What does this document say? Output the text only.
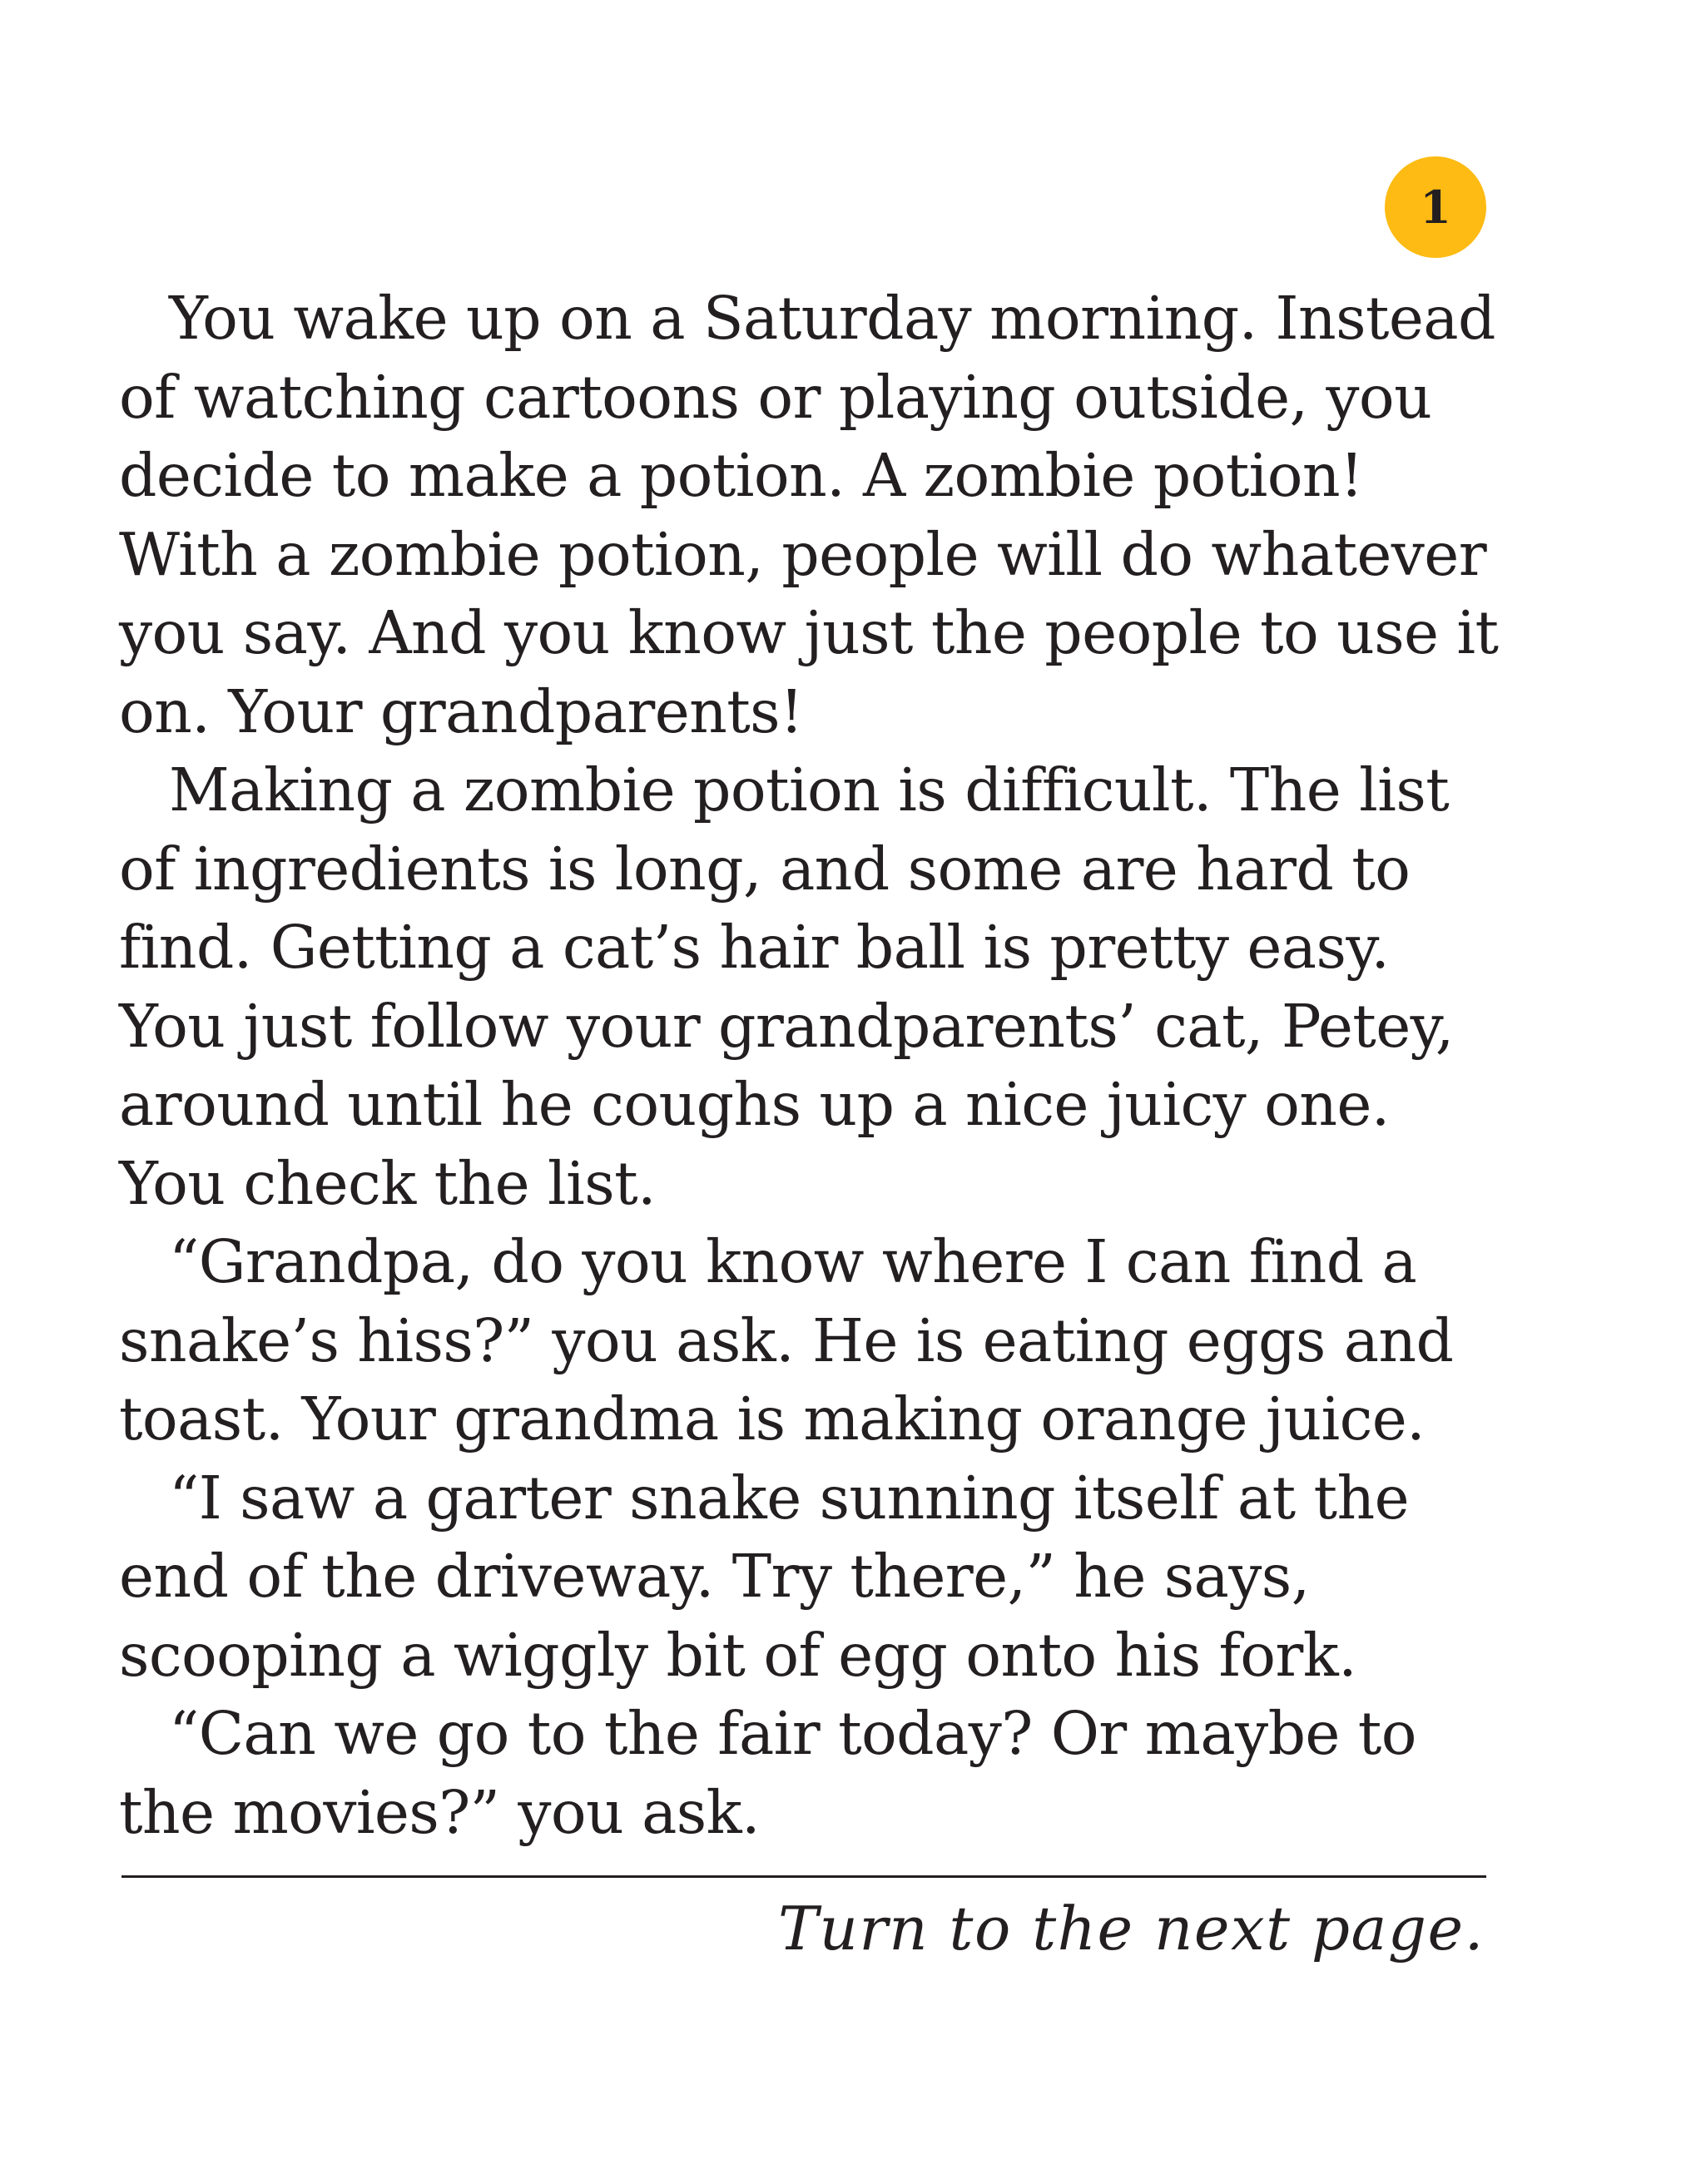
1

You wake up on a Saturday morning. Instead of watching cartoons or playing outside, you decide to make a potion. A zombie potion! With a zombie potion, people will do whatever you say. And you know just the people to use it on. Your grandparents!

Making a zombie potion is difficult. The list of ingredients is long, and some are hard to find. Getting a cat’s hair ball is pretty easy. You just follow your grandparents’ cat, Petey, around until he coughs up a nice juicy one. You check the list.

“Grandpa, do you know where I can find a snake’s hiss?” you ask. He is eating eggs and toast. Your grandma is making orange juice.

“I saw a garter snake sunning itself at the end of the driveway. Try there,” he says, scooping a wiggly bit of egg onto his fork.

“Can we go to the fair today? Or maybe to the movies?” you ask.

Turn to the next page.
